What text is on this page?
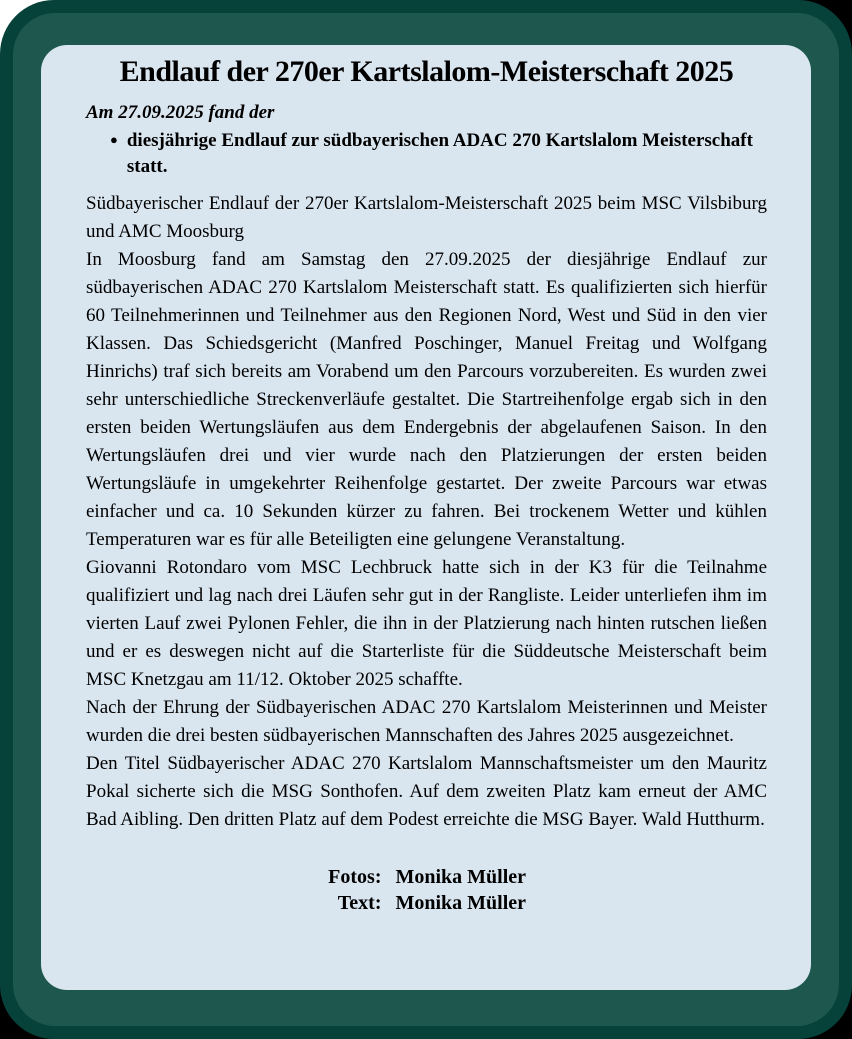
Endlauf der 270er Kartslalom-Meisterschaft 2025
Am 27.09.2025 fand der
● diesjährige Endlauf zur südbayerischen ADAC 270 Kartslalom Meisterschaft statt.

Südbayerischer Endlauf der 270er Kartslalom-Meisterschaft 2025 beim MSC Vilsbiburg und AMC Moosburg

In Moosburg fand am Samstag den 27.09.2025 der diesjährige Endlauf zur südbayerischen ADAC 270 Kartslalom Meisterschaft statt. Es qualifizierten sich hierfür 60 Teilnehmerinnen und Teilnehmer aus den Regionen Nord, West und Süd in den vier Klassen. Das Schiedsgericht (Manfred Poschinger, Manuel Freitag und Wolfgang Hinrichs) traf sich bereits am Vorabend um den Parcours vorzubereiten. Es wurden zwei sehr unterschiedliche Streckenverläufe gestaltet. Die Startreihenfolge ergab sich in den ersten beiden Wertungsläufen aus dem Endergebnis der abgelaufenen Saison. In den Wertungsläufen drei und vier wurde nach den Platzierungen der ersten beiden Wertungsläufe in umgekehrter Reihenfolge gestartet. Der zweite Parcours war etwas einfacher und ca. 10 Sekunden kürzer zu fahren. Bei trockenem Wetter und kühlen Temperaturen war es für alle Beteiligten eine gelungene Veranstaltung.

Giovanni Rotondaro vom MSC Lechbruck hatte sich in der K3 für die Teilnahme qualifiziert und lag nach drei Läufen sehr gut in der Rangliste. Leider unterliefen ihm im vierten Lauf zwei Pylonen Fehler, die ihn in der Platzierung nach hinten rutschen ließen und er es deswegen nicht auf die Starterliste für die Süddeutsche Meisterschaft beim MSC Knetzgau am 11/12. Oktober 2025 schaffte.

Nach der Ehrung der Südbayerischen ADAC 270 Kartslalom Meisterinnen und Meister wurden die drei besten südbayerischen Mannschaften des Jahres 2025 ausgezeichnet.

Den Titel Südbayerischer ADAC 270 Kartslalom Mannschaftsmeister um den Mauritz Pokal sicherte sich die MSG Sonthofen. Auf dem zweiten Platz kam erneut der AMC Bad Aibling. Den dritten Platz auf dem Podest erreichte die MSG Bayer. Wald Hutthurm.

Fotos: Monika Müller
Text: Monika Müller
